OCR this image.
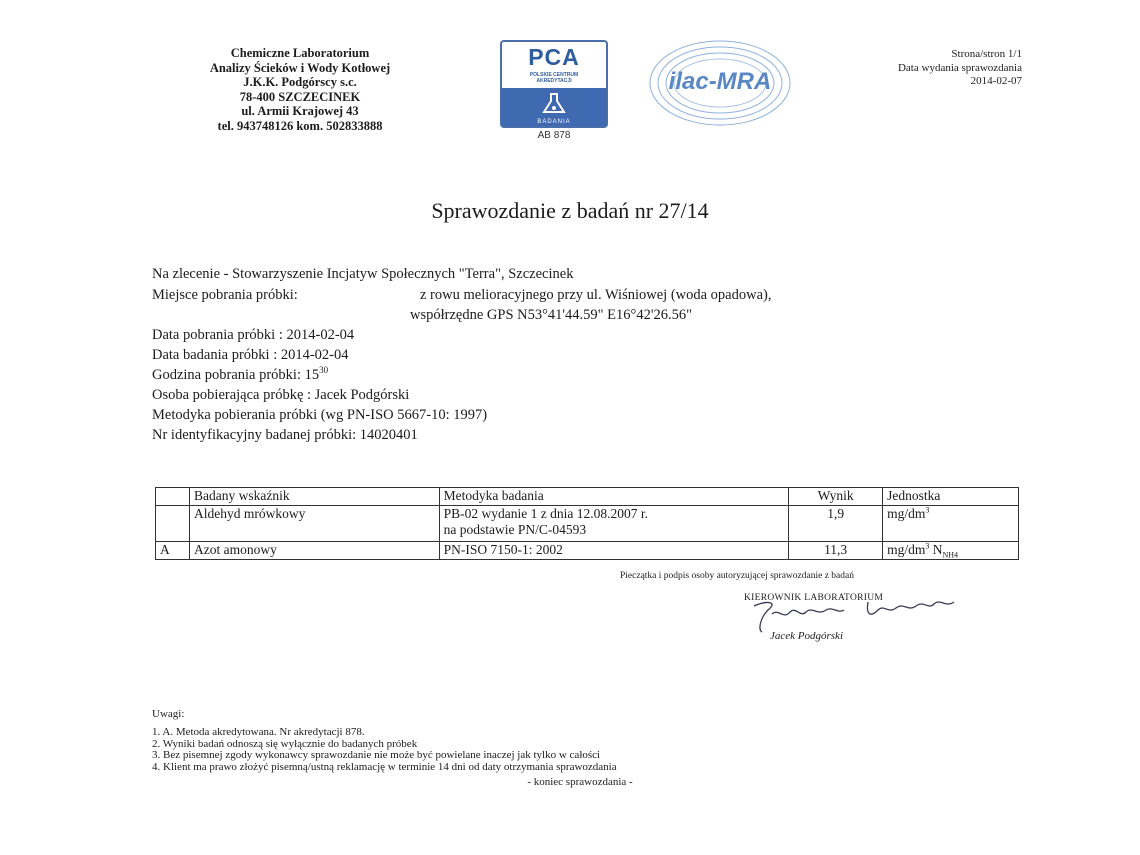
Chemiczne Laboratorium
Analizy Ścieków i Wody Kotłowej
J.K.K. Podgórscy s.c.
78-400 SZCZECINEK
ul. Armii Krajowej 43
tel. 943748126 kom. 502833888
PCA
POLSKIE CENTRUM
AKREDYTACJI
BADANIA
AB 878
ilac-MRA
Strona/stron 1/1
Data wydania sprawozdania
2014-02-07
Sprawozdanie z badań nr 27/14
Na zlecenie - Stowarzyszenie Incjatyw Społecznych "Terra", Szczecinek
Miejsce pobrania próbki:	z rowu melioracyjnego przy ul. Wiśniowej (woda opadowa),
współrzędne GPS N53°41'44.59" E16°42'26.56"
Data pobrania próbki : 2014-02-04
Data badania próbki : 2014-02-04
Godzina pobrania próbki: $15^{30}$
Osoba pobierająca próbkę : Jacek Podgórski
Metodyka pobierania próbki (wg PN-ISO 5667-10: 1997)
Nr identyfikacyjny badanej próbki: 14020401
	Badany wskaźnik	Metodyka badania	Wynik	Jednostka
	Aldehyd mrówkowy	PB-02 wydanie 1 z dnia 12.08.2007 r.
na podstawie PN/C-04593	1,9	$mg/dm^3$
A	Azot amonowy	PN-ISO 7150-1: 2002	11,3	$mg/dm^3$ $N_{NH4}$
Pieczątka i podpis osoby autoryzującej sprawozdanie z badań
KIEROWNIK LABORATORIUM
Jacek Podgórski
Uwagi:
1. A. Metoda akredytowana. Nr akredytacji 878.
2. Wyniki badań odnoszą się wyłącznie do badanych próbek
3. Bez pisemnej zgody wykonawcy sprawozdanie nie może być powielane inaczej jak tylko w całości
4. Klient ma prawo złożyć pisemną/ustną reklamację w terminie 14 dni od daty otrzymania sprawozdania
- koniec sprawozdania -
